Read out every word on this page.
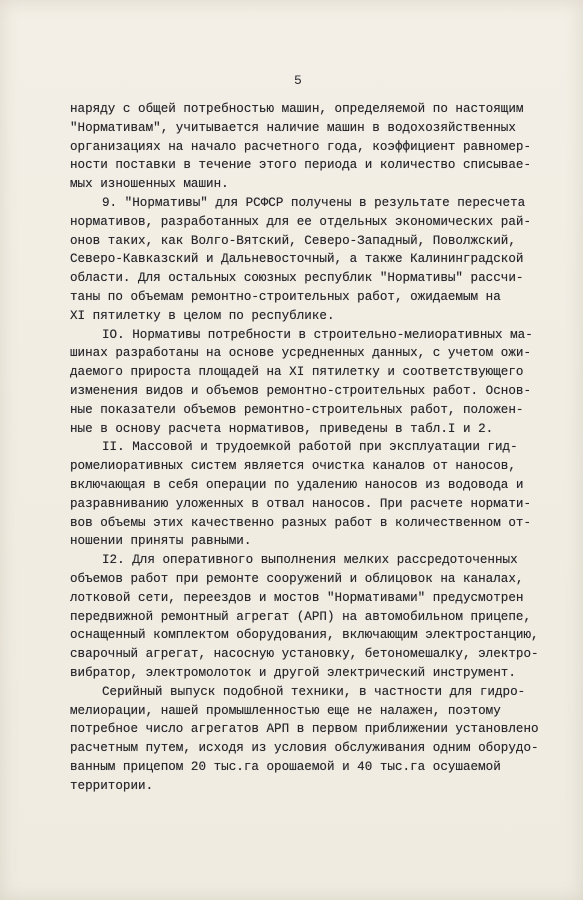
5

наряду с общей потребностью машин, определяемой по настоящим
"Нормативам", учитывается наличие машин в водохозяйственных
организациях на начало расчетного года, коэффициент равномер-
ности поставки в течение этого периода и количество списывае-
мых изношенных машин.

9. "Нормативы" для РСФСР получены в результате пересчета
нормативов, разработанных для ее отдельных экономических рай-
онов таких, как Волго-Вятский, Северо-Западный, Поволжский,
Северо-Кавказский и Дальневосточный, а также Калининградской
области. Для остальных союзных республик "Нормативы" рассчи-
таны по объемам ремонтно-строительных работ, ожидаемым на
XI пятилетку в целом по республике.

IO. Нормативы потребности в строительно-мелиоративных ма-
шинах разработаны на основе усредненных данных, с учетом ожи-
даемого прироста площадей на XI пятилетку и соответствующего
изменения видов и объемов ремонтно-строительных работ. Основ-
ные показатели объемов ремонтно-строительных работ, положен-
ные в основу расчета нормативов, приведены в табл.I и 2.

II. Массовой и трудоемкой работой при эксплуатации гид-
ромелиоративных систем является очистка каналов от наносов,
включающая в себя операции по удалению наносов из водовода и
разравниванию уложенных в отвал наносов. При расчете нормати-
вов объемы этих качественно разных работ в количественном от-
ношении приняты равными.

I2. Для оперативного выполнения мелких рассредоточенных
объемов работ при ремонте сооружений и облицовок на каналах,
лотковой сети, переездов и мостов "Нормативами" предусмотрен
передвижной ремонтный агрегат (АРП) на автомобильном прицепе,
оснащенный комплектом оборудования, включающим электростанцию,
сварочный агрегат, насосную установку, бетономешалку, электро-
вибратор, электромолоток и другой электрический инструмент.

Серийный выпуск подобной техники, в частности для гидро-
мелиорации, нашей промышленностью еще не налажен, поэтому
потребное число агрегатов АРП в первом приближении установлено
расчетным путем, исходя из условия обслуживания одним оборудо-
ванным прицепом 20 тыс.га орошаемой и 40 тыс.га осушаемой
территории.
